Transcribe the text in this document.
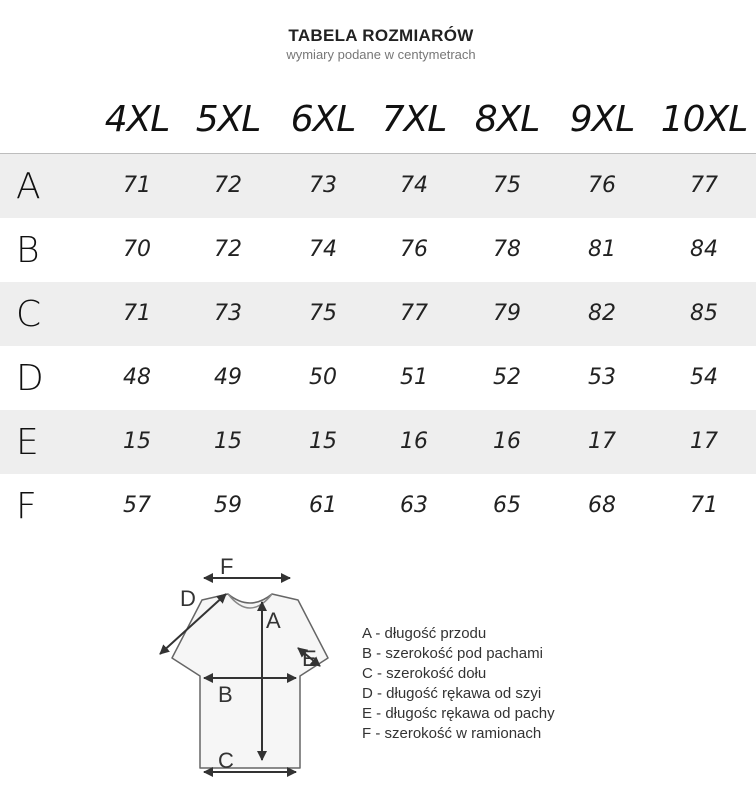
TABELA ROZMIARÓW
wymiary podane w centymetrach
4XL 5XL 6XL 7XL 8XL 9XL 10XL
A	71	72	73	74	75	76	77
B	70	72	74	76	78	81	84
C	71	73	75	77	79	82	85
D	48	49	50	51	52	53	54
E	15	15	15	16	16	17	17
F	57	59	61	63	65	68	71
F
D
A
E
B
C
A - długość przodu
B - szerokość pod pachami
C - szerokość dołu
D - długość rękawa od szyi
E - długośc rękawa od pachy
F - szerokość w ramionach
